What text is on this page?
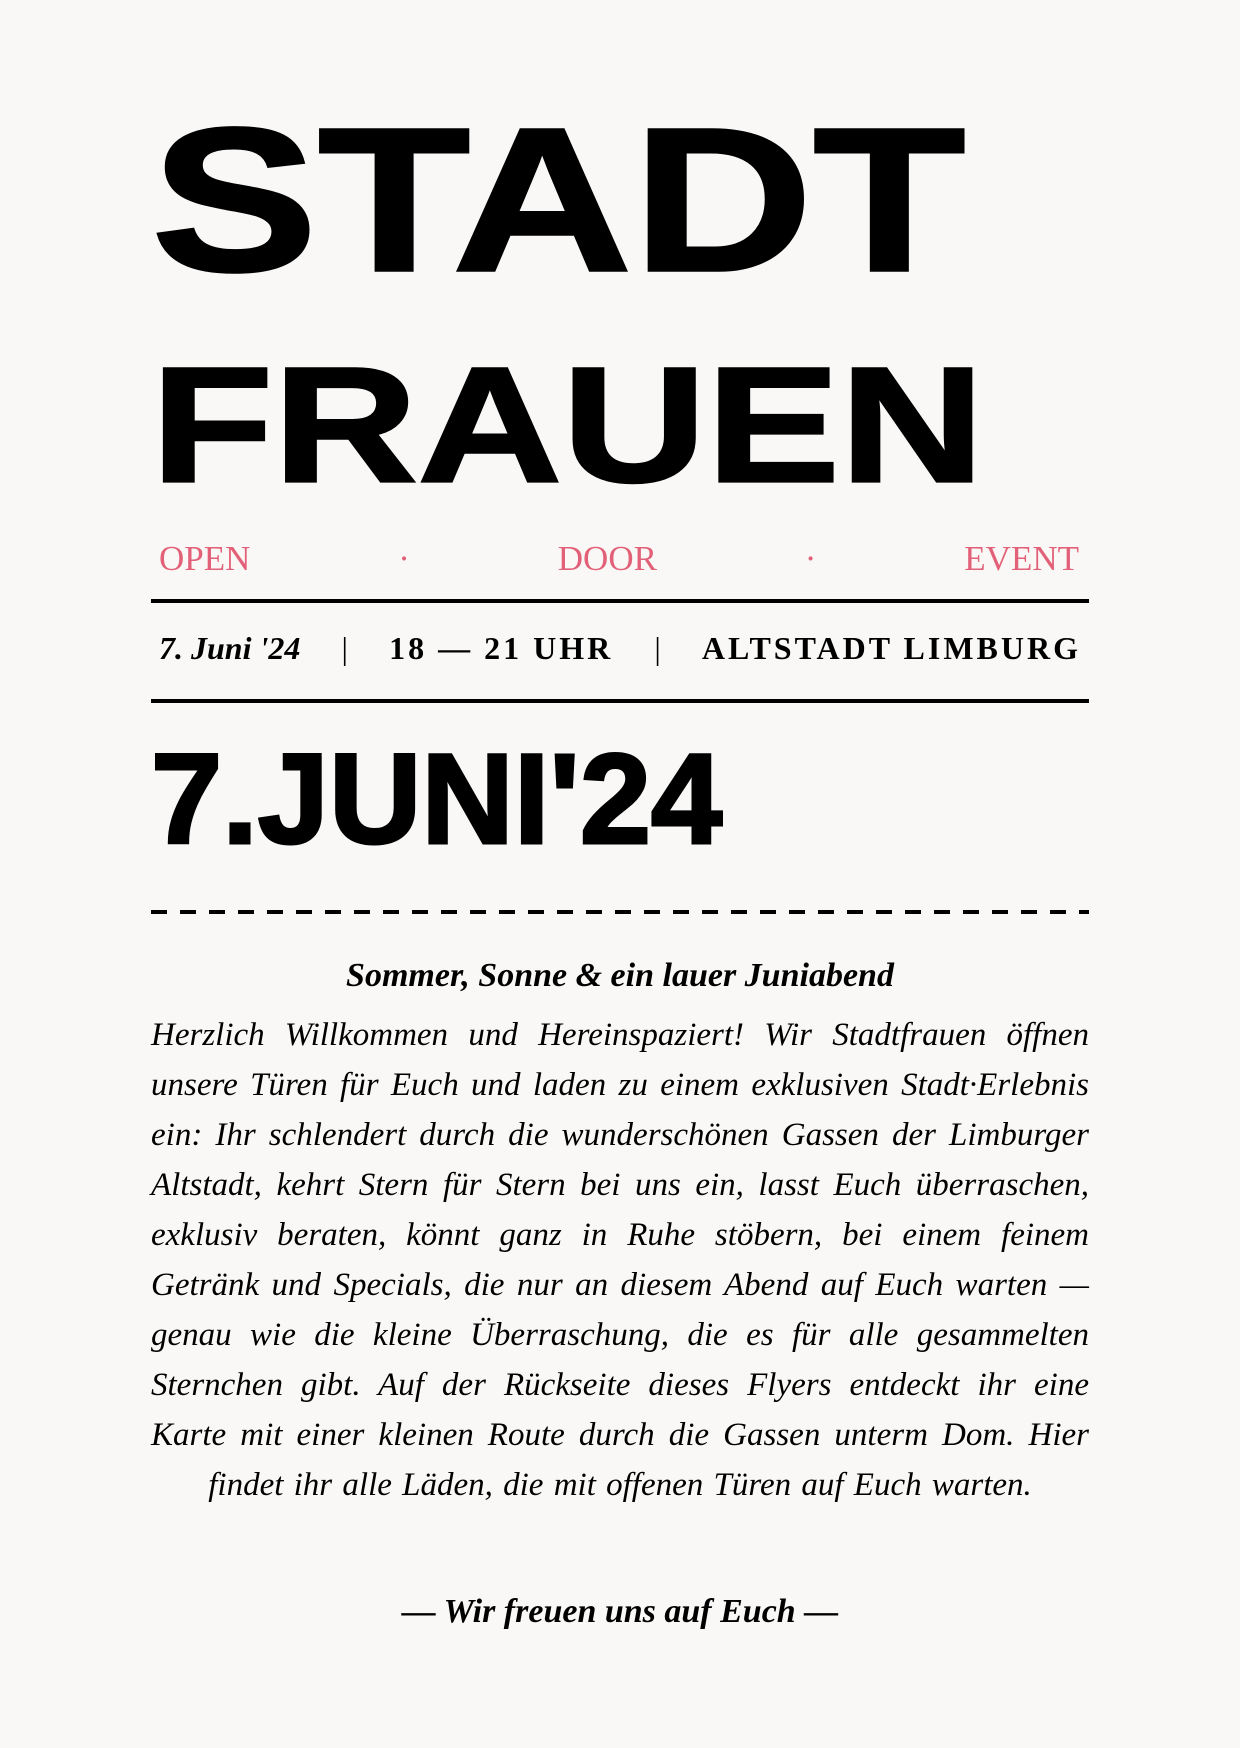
STADT
FRAUEN
OPEN · DOOR · EVENT
7. Juni '24 | 18 — 21 UHR | ALTSTADT LIMBURG
7.JUNI'24

Sommer, Sonne & ein lauer Juniabend

Herzlich Willkommen und Hereinspaziert! Wir Stadtfrauen öffnen unsere Türen für Euch und laden zu einem exklusiven Stadt·Erlebnis ein: Ihr schlendert durch die wunderschönen Gassen der Limburger Altstadt, kehrt Stern für Stern bei uns ein, lasst Euch überraschen, exklusiv beraten, könnt ganz in Ruhe stöbern, bei einem feinem Getränk und Specials, die nur an diesem Abend auf Euch warten — genau wie die kleine Überraschung, die es für alle gesammelten Sternchen gibt. Auf der Rückseite dieses Flyers entdeckt ihr eine Karte mit einer kleinen Route durch die Gassen unterm Dom. Hier findet ihr alle Läden, die mit offenen Türen auf Euch warten.

— Wir freuen uns auf Euch —
